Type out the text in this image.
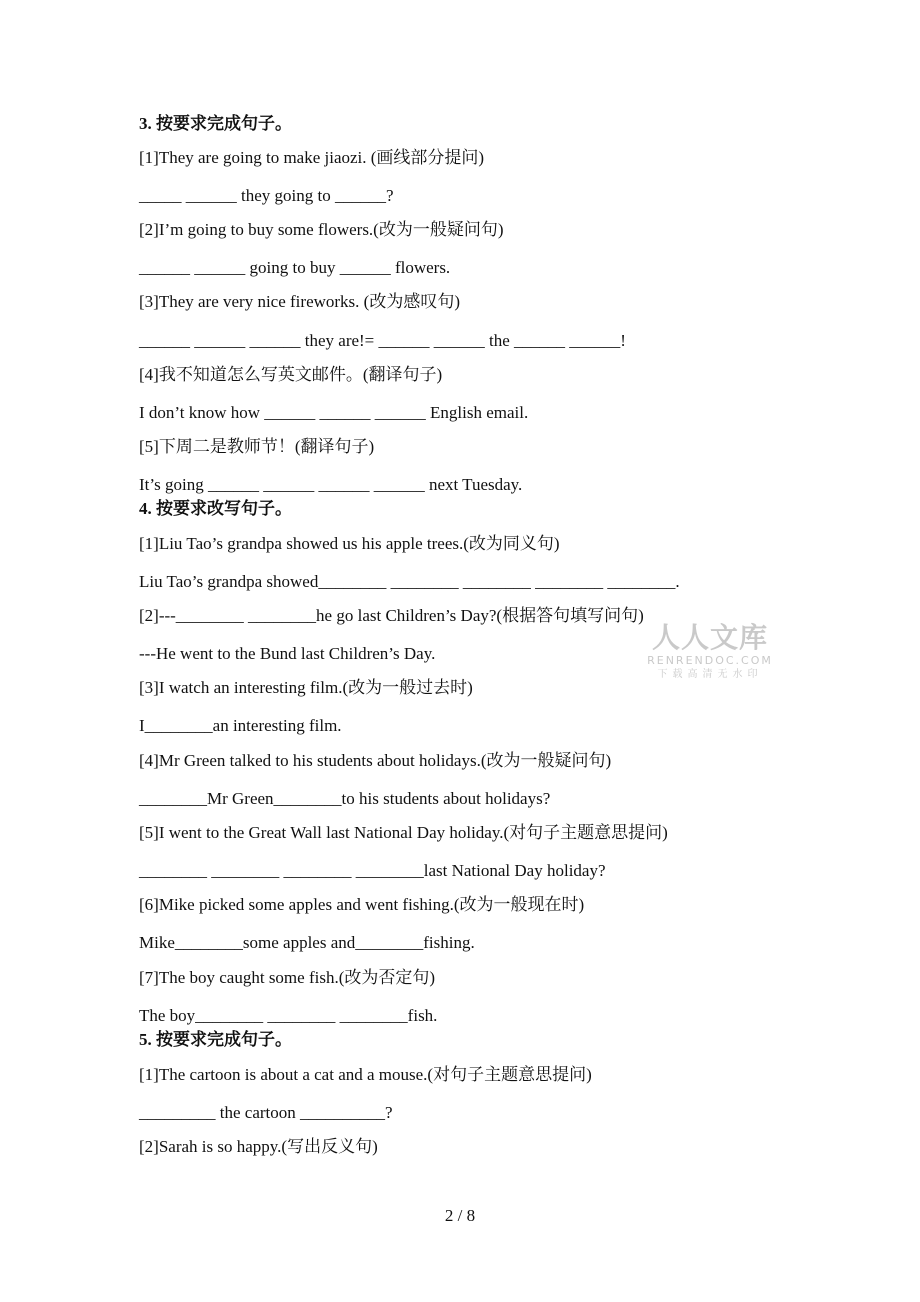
3. 按要求完成句子。
[1]They are going to make jiaozi. (画线部分提问)
_____ ______ they going to ______?
[2]I’m going to buy some flowers.(改为一般疑问句)
______ ______ going to buy ______ flowers.
[3]They are very nice fireworks. (改为感叹句)
______ ______ ______ they are!= ______ ______ the ______ ______!
[4]我不知道怎么写英文邮件。(翻译句子)
I don’t know how ______ ______ ______ English email.
[5]下周二是教师节！(翻译句子)
It’s going ______ ______ ______ ______ next Tuesday.
4. 按要求改写句子。
[1]Liu Tao’s grandpa showed us his apple trees.(改为同义句)
Liu Tao’s grandpa showed________ ________ ________ ________ ________.
[2]---________ ________he go last Children’s Day?(根据答句填写问句)
---He went to the Bund last Children’s Day.
[3]I watch an interesting film.(改为一般过去时)
I________an interesting film.
[4]Mr Green talked to his students about holidays.(改为一般疑问句)
________Mr Green________to his students about holidays?
[5]I went to the Great Wall last National Day holiday.(对句子主题意思提问)
________ ________ ________ ________last National Day holiday?
[6]Mike picked some apples and went fishing.(改为一般现在时)
Mike________some apples and________fishing.
[7]The boy caught some fish.(改为否定句)
The boy________ ________ ________fish.
5. 按要求完成句子。
[1]The cartoon is about a cat and a mouse.(对句子主题意思提问)
_________ the cartoon __________?
[2]Sarah is so happy.(写出反义句)
人人文库
RENRENDOC.COM
下载高清无水印
2 / 8
